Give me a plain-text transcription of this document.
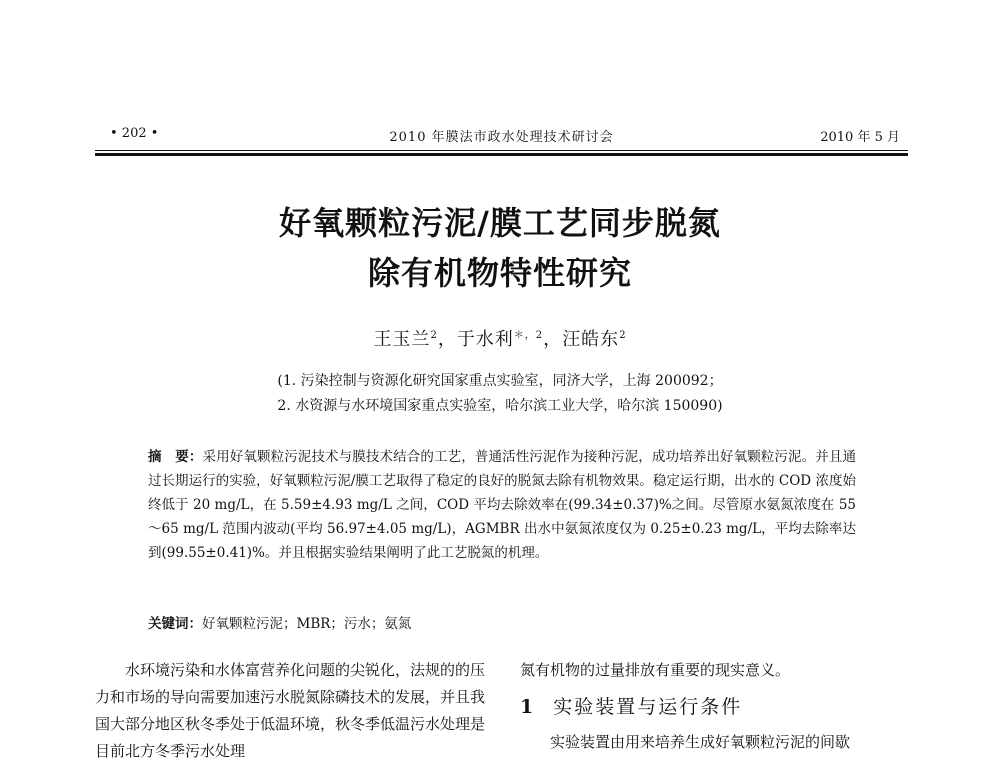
• 202 •	2010 年膜法市政水处理技术研讨会	2010 年 5 月
好氧颗粒污泥/膜工艺同步脱氮
除有机物特性研究
王玉兰$^2$，于水利$^{*,2}$，汪皓东$^2$
(1. 污染控制与资源化研究国家重点实验室，同济大学，上海 200092；
2. 水资源与水环境国家重点实验室，哈尔滨工业大学，哈尔滨 150090)
摘　要：采用好氧颗粒污泥技术与膜技术结合的工艺，普通活性污泥作为接种污泥，成功培养出好氧颗粒污泥。并且通过长期运行的实验，好氧颗粒污泥/膜工艺取得了稳定的良好的脱氮去除有机物效果。稳定运行期，出水的 COD 浓度始终低于 20 mg/L，在 5.59±4.93 mg/L 之间，COD 平均去除效率在(99.34±0.37)%之间。尽管原水氨氮浓度在 55～65 mg/L 范围内波动(平均 56.97±4.05 mg/L)，AGMBR 出水中氨氮浓度仅为 0.25±0.23 mg/L，平均去除率达到(99.55±0.41)%。并且根据实验结果阐明了此工艺脱氮的机理。
关键词：好氧颗粒污泥；MBR；污水；氨氮

水环境污染和水体富营养化问题的尖锐化，法规的的压力和市场的导向需要加速污水脱氮除磷技术的发展，并且我国大部分地区秋冬季处于低温环境，秋冬季低温污水处理是目前北方冬季污水处理

氮有机物的过量排放有重要的现实意义。

1 实验装置与运行条件

实验装置由用来培养生成好氧颗粒污泥的间歇
